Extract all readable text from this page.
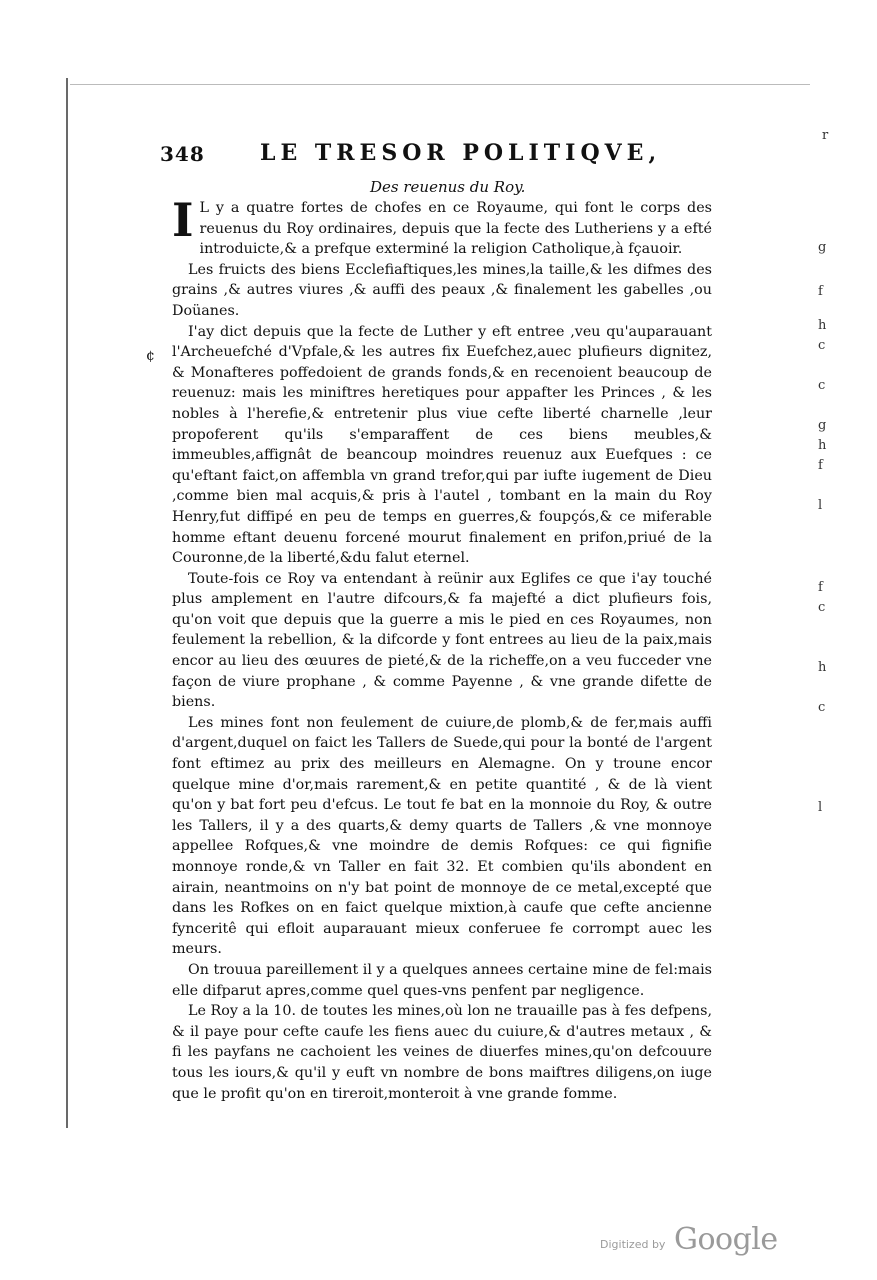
r
g
f
h
c
c
g
h
f
l
f
c
h
c
l
348	LE TRESOR POLITIQVE,
Des reuenus du Roy.
¢

I L y a quatre fortes de chofes en ce Royaume, qui font le corps des reuenus du Roy ordinaires, depuis que la fecte des Lutheriens y a efté introduicte,& a prefque exterminé la religion Catholique,à fçauoir.

Les fruicts des biens Ecclefiaftiques,les mines,la taille,& les difmes des grains ,& autres viures ,& auffi des peaux ,& finalement les gabelles ,ou Doüanes.

I'ay dict depuis que la fecte de Luther y eft entree ,veu qu'auparauant l'Archeuefché d'Vpfale,& les autres fix Euefchez,auec plufieurs dignitez, & Monafteres poffedoient de grands fonds,& en recenoient beaucoup de reuenuz: mais les miniftres heretiques pour appafter les Princes , & les nobles à l'herefie,& entretenir plus viue cefte liberté charnelle ,leur propoferent qu'ils s'emparaffent de ces biens meubles,& immeubles,affignât de beancoup moindres reuenuz aux Euefques : ce qu'eftant faict,on affembla vn grand trefor,qui par iufte iugement de Dieu ,comme bien mal acquis,& pris à l'autel , tombant en la main du Roy Henry,fut diffipé en peu de temps en guerres,& foupçós,& ce miferable homme eftant deuenu forcené mourut finalement en prifon,priué de la Couronne,de la liberté,&du falut eternel.

Toute-fois ce Roy va entendant à reünir aux Eglifes ce que i'ay touché plus amplement en l'autre difcours,& fa majefté a dict plufieurs fois, qu'on voit que depuis que la guerre a mis le pied en ces Royaumes, non feulement la rebellion, & la difcorde y font entrees au lieu de la paix,mais encor au lieu des œuures de pieté,& de la richeffe,on a veu fucceder vne façon de viure prophane , & comme Payenne , & vne grande difette de biens.

Les mines font non feulement de cuiure,de plomb,& de fer,mais auffi d'argent,duquel on faict les Tallers de Suede,qui pour la bonté de l'argent font eftimez au prix des meilleurs en Alemagne. On y troune encor quelque mine d'or,mais rarement,& en petite quantité , & de là vient qu'on y bat fort peu d'efcus. Le tout fe bat en la monnoie du Roy, & outre les Tallers, il y a des quarts,& demy quarts de Tallers ,& vne monnoye appellee Rofques,& vne moindre de demis Rofques: ce qui fignifie monnoye ronde,& vn Taller en fait 32. Et combien qu'ils abondent en airain, neantmoins on n'y bat point de monnoye de ce metal,excepté que dans les Rofkes on en faict quelque mixtion,à caufe que cefte ancienne fynceritê qui efloit auparauant mieux conferuee fe corrompt auec les meurs.

On trouua pareillement il y a quelques annees certaine mine de fel:mais elle difparut apres,comme quel ques-vns penfent par negligence.

Le Roy a la 10. de toutes les mines,où lon ne trauaille pas à fes defpens, & il paye pour cefte caufe les fiens auec du cuiure,& d'autres metaux , & fi les payfans ne cachoient les veines de diuerfes mines,qu'on defcouure tous les iours,& qu'il y euft vn nombre de bons maiftres diligens,on iuge que le profit qu'on en tireroit,monteroit à vne grande fomme.

Digitized by Google
